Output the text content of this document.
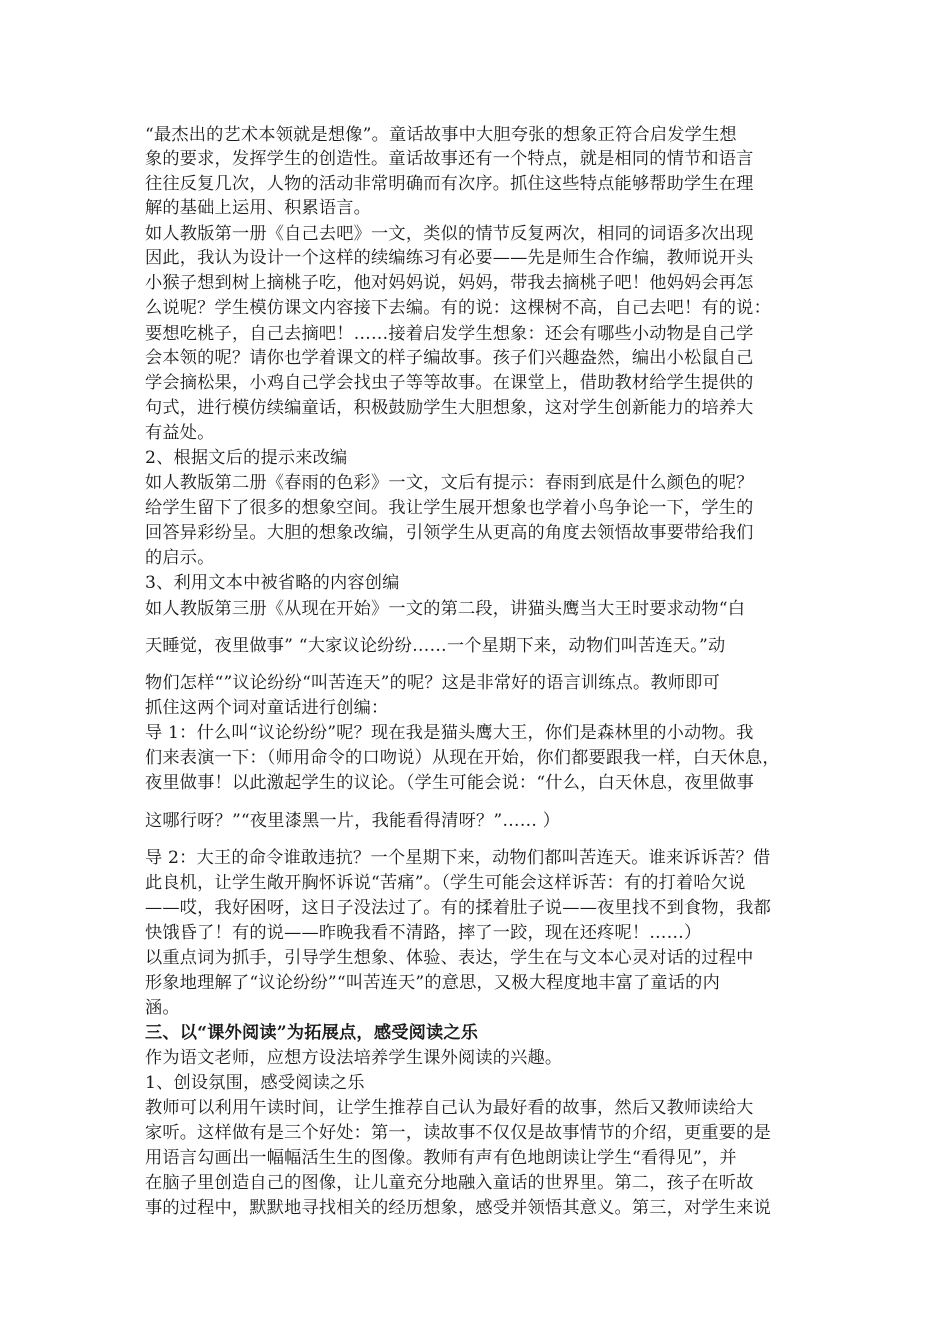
“最杰出的艺术本领就是想像”。童话故事中大胆夸张的想象正符合启发学生想
象的要求，发挥学生的创造性。童话故事还有一个特点，就是相同的情节和语言
往往反复几次，人物的活动非常明确而有次序。抓住这些特点能够帮助学生在理
解的基础上运用、积累语言。
如人教版第一册《自己去吧》一文，类似的情节反复两次，相同的词语多次出现
因此，我认为设计一个这样的续编练习有必要——先是师生合作编，教师说开头
小猴子想到树上摘桃子吃，他对妈妈说，妈妈，带我去摘桃子吧！他妈妈会再怎
么说呢？学生模仿课文内容接下去编。有的说：这棵树不高，自己去吧！有的说：
要想吃桃子，自己去摘吧！……接着启发学生想象：还会有哪些小动物是自己学
会本领的呢？请你也学着课文的样子编故事。孩子们兴趣盎然，编出小松鼠自己
学会摘松果，小鸡自己学会找虫子等等故事。在课堂上，借助教材给学生提供的
句式，进行模仿续编童话，积极鼓励学生大胆想象，这对学生创新能力的培养大
有益处。
2、根据文后的提示来改编
如人教版第二册《春雨的色彩》一文，文后有提示：春雨到底是什么颜色的呢？
给学生留下了很多的想象空间。我让学生展开想象也学着小鸟争论一下，学生的
回答异彩纷呈。大胆的想象改编，引领学生从更高的角度去领悟故事要带给我们
的启示。
3、利用文本中被省略的内容创编
如人教版第三册《从现在开始》一文的第二段，讲猫头鹰当大王时要求动物“白
天睡觉，夜里做事” “大家议论纷纷……一个星期下来，动物们叫苦连天。”动
物们怎样“”议论纷纷“叫苦连天”的呢？这是非常好的语言训练点。教师即可
抓住这两个词对童话进行创编：
导 1：什么叫“议论纷纷”呢？现在我是猫头鹰大王，你们是森林里的小动物。我
们来表演一下：（师用命令的口吻说）从现在开始，你们都要跟我一样，白天休息，
夜里做事！以此激起学生的议论。（学生可能会说：“什么，白天休息，夜里做事
这哪行呀？”“夜里漆黑一片，我能看得清呀？”…… ）
导 2：大王的命令谁敢违抗？一个星期下来，动物们都叫苦连天。谁来诉诉苦？借
此良机，让学生敞开胸怀诉说“苦痛”。（学生可能会这样诉苦：有的打着哈欠说
——哎，我好困呀，这日子没法过了。有的揉着肚子说——夜里找不到食物，我都
快饿昏了！有的说——昨晚我看不清路，摔了一跤，现在还疼呢！……）
以重点词为抓手，引导学生想象、体验、表达，学生在与文本心灵对话的过程中
形象地理解了“议论纷纷”“叫苦连天”的意思，又极大程度地丰富了童话的内
涵。
三、以“课外阅读”为拓展点，感受阅读之乐
作为语文老师，应想方设法培养学生课外阅读的兴趣。
1、创设氛围，感受阅读之乐
教师可以利用午读时间，让学生推荐自己认为最好看的故事，然后又教师读给大
家听。这样做有是三个好处：第一，读故事不仅仅是故事情节的介绍，更重要的是
用语言勾画出一幅幅活生生的图像。教师有声有色地朗读让学生“看得见”，并
在脑子里创造自己的图像，让儿童充分地融入童话的世界里。第二，孩子在听故
事的过程中，默默地寻找相关的经历想象，感受并领悟其意义。第三，对学生来说
